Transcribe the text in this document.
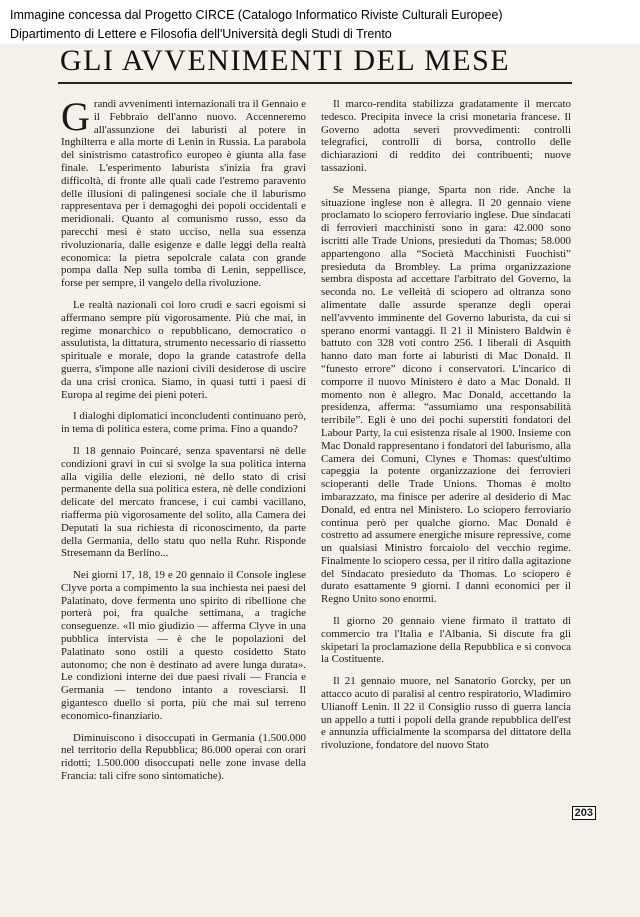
Immagine concessa dal Progetto CIRCE (Catalogo Informatico Riviste Culturali Europee)
Dipartimento di Lettere e Filosofia dell'Università degli Studi di Trento
GLI AVVENIMENTI DEL MESE

Grandi avvenimenti internazionali tra il Gennaio e il Febbraio dell'anno nuovo. Accenneremo all'assunzione dei laburisti al potere in Inghilterra e alla morte di Lenin in Russia. La parabola del sinistrismo catastrofico europeo è giunta alla fase finale. L'esperimento laburista s'inizia fra gravi difficoltà, di fronte alle quali cade l'estremo paravento delle illusioni di palingenesi sociale che il laburismo rappresentava per i demagoghi dei popoli occidentali e meridionali. Quanto al comunismo russo, esso da parecchi mesi è stato ucciso, nella sua essenza rivoluzionaria, dalle esigenze e dalle leggi della realtà economica: la pietra sepolcrale calata con grande pompa dalla Nep sulla tomba di Lenin, seppellisce, forse per sempre, il vangelo della rivoluzione.

Le realtà nazionali coi loro crudi e sacri egoismi si affermano sempre più vigorosamente. Più che mai, in regime monarchico o repubblicano, democratico o assulutista, la dittatura, strumento necessario di riassetto spirituale e morale, dopo la grande catastrofe della guerra, s'impone alle nazioni civili desiderose di uscire da una crisi cronica. Siamo, in quasi tutti i paesi di Europa al regime dei pieni poteri.

I dialoghi diplomatici inconcludenti continuano però, in tema di politica estera, come prima. Fino a quando?

Il 18 gennaio Poincaré, senza spaventarsi nè delle condizioni gravi in cui si svolge la sua politica interna alla vigilia delle elezioni, nè dello stato di crisi permanente della sua politica estera, nè delle condizioni delicate del mercato francese, i cui cambi vacillano, riafferma più vigorosamente del solito, alla Camera dei Deputati la sua richiesta di riconoscimento, da parte della Germania, dello statu quo nella Ruhr. Risponde Stresemann da Berlino...

Nei giorni 17, 18, 19 e 20 gennaio il Console inglese Clyve porta a compimento la sua inchiesta nei paesi del Palatinato, dove fermenta uno spirito di ribellione che porterà poi, fra qualche settimana, a tragiche conseguenze. «Il mio giudizio — afferma Clyve in una pubblica intervista — è che le popolazioni del Palatinato sono ostili a questo cosidetto Stato autonomo; che non è destinato ad avere lunga durata». Le condizioni interne dei due paesi rivali — Francia e Germania — tendono intanto a rovesciarsi. Il gigantesco duello si porta, più che mai sul terreno economico-finanziario.

Diminuiscono i disoccupati in Germania (1.500.000 nel territorio della Repubblica; 86.000 operai con orari ridotti; 1.500.000 disoccupati nelle zone invase della Francia: tali cifre sono sintomatiche).

Il marco-rendita stabilizza gradatamente il mercato tedesco. Precipita invece la crisi monetaria francese. Il Governo adotta severi provvedimenti: controlli telegrafici, controlli di borsa, controllo delle dichiarazioni di reddito dei contribuenti; nuove tassazioni.

Se Messena piange, Sparta non ride. Anche la situazione inglese non è allegra. Il 20 gennaio viene proclamato lo sciopero ferroviario inglese. Due sindacati di ferrovieri macchinisti sono in gara: 42.000 sono iscritti alle Trade Unions, presieduti da Thomas; 58.000 appartengono alla “Società Macchinisti Fuochisti” presieduta da Brombley. La prima organizzazione sembra disposta ad accettare l'arbitrato del Governo, la seconda no. Le velleità di sciopero ad oltranza sono alimentate dalle assurde speranze degli operai nell'avvento imminente del Governo laburista, da cui si sperano enormi vantaggi. Il 21 il Ministero Baldwin è battuto con 328 voti contro 256. I liberali di Asquith hanno dato man forte ai laburisti di Mac Donald. Il “funesto errore” dicono i conservatori. L'incarico di comporre il nuovo Ministero è dato a Mac Donald. Il momento non è allegro. Mac Donald, accettando la presidenza, afferma: “assumiamo una responsabilità terribile”. Egli è uno dei pochi superstiti fondatori del Labour Party, la cui esistenza risale al 1900. Insieme con Mac Donald rappresentano i fondatori del laburismo, alla Camera dei Comuni, Clynes e Thomas: quest'ultimo capeggia la potente organizzazione dei ferrovieri scioperanti delle Trade Unions. Thomas è molto imbarazzato, ma finisce per aderire al desiderio di Mac Donald, ed entra nel Ministero. Lo sciopero ferroviario continua però per qualche giorno. Mac Donald è costretto ad assumere energiche misure repressive, come un qualsiasi Ministro forcaiolo del vecchio regime. Finalmente lo sciopero cessa, per il ritiro dalla agitazione del Sindacato presieduto da Thomas. Lo sciopero è durato esattamente 9 giorni. I danni economici per il Regno Unito sono enormi.

Il giorno 20 gennaio viene firmato il trattato di commercio tra l'Italia e l'Albania. Si discute fra gli skipetari la proclamazione della Repubblica e si convoca la Costituente.

Il 21 gennaio muore, nel Sanatorio Gorcky, per un attacco acuto di paralisi al centro respiratorio, Wladimiro Ulianoff Lenin. Il 22 il Consiglio russo di guerra lancia un appello a tutti i popoli della grande repubblica dell'est e annunzia ufficialmente la scomparsa del dittatore della rivoluzione, fondatore del nuovo Stato

203
